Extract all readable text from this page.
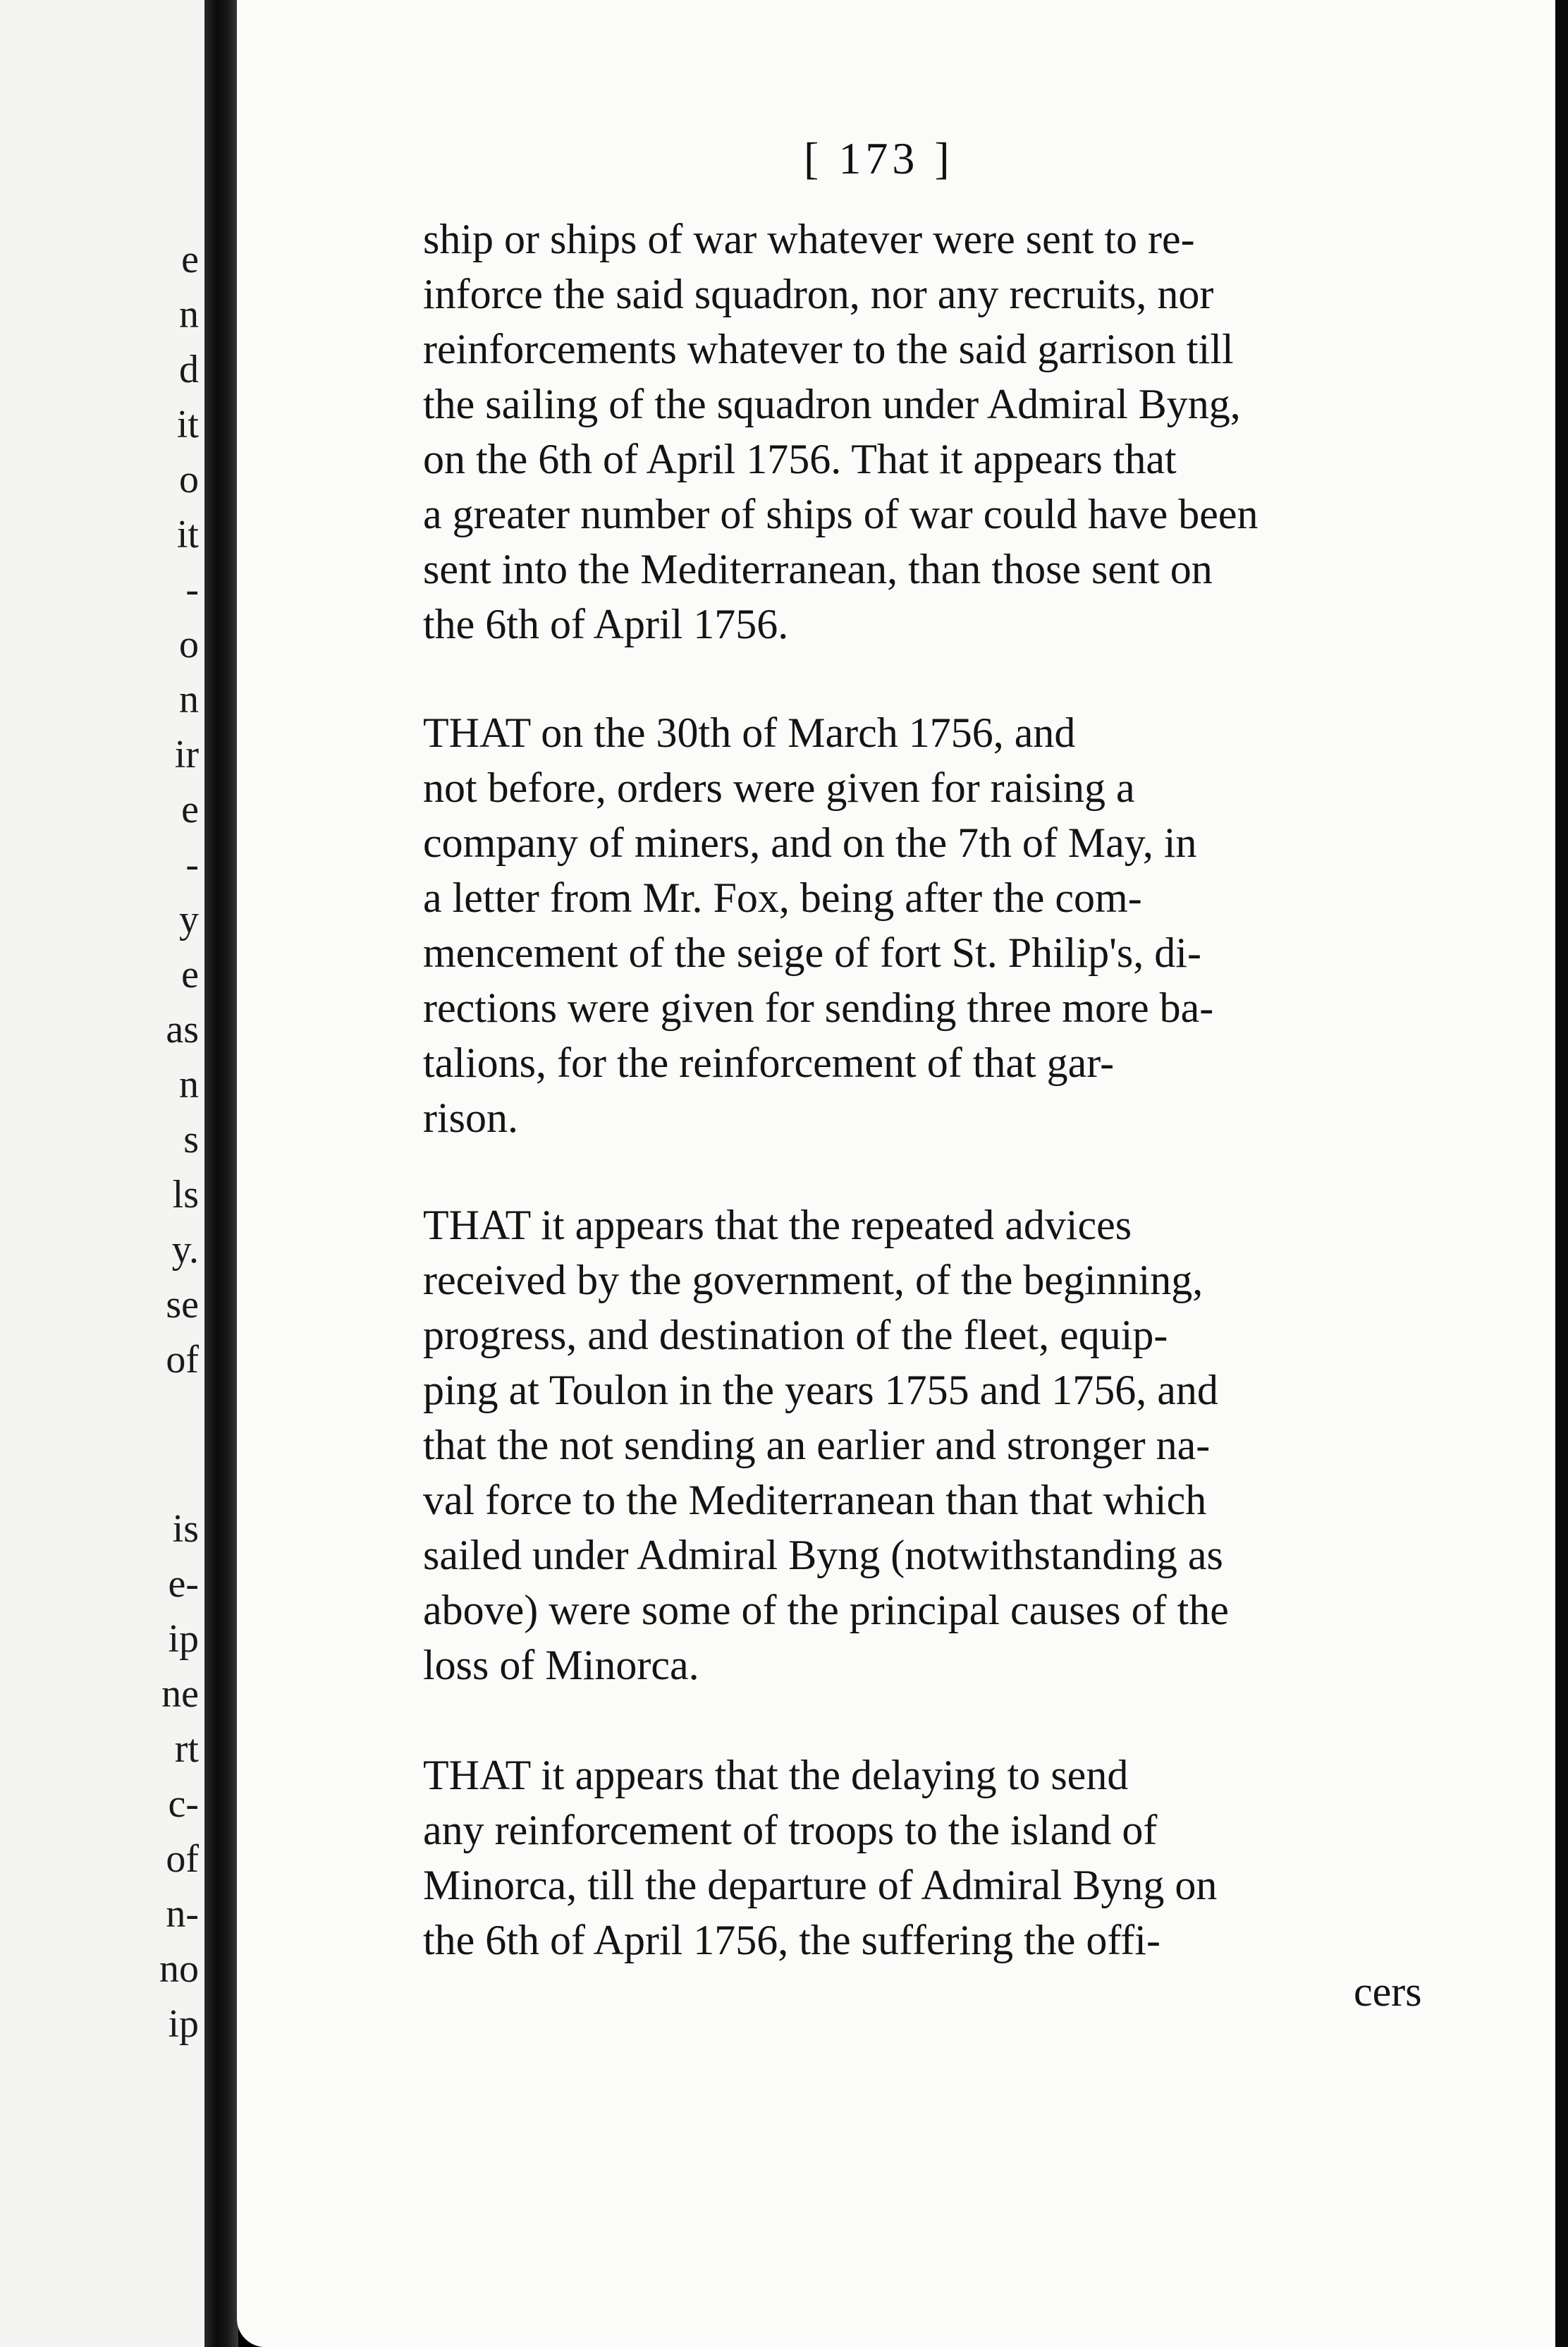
e
n
d
it
o
it
-
o
n
ir
e
-
y
e
as
n
s
ls
y.
se
of
is
e-
ip
ne
rt
c-
of
n-
no
ip
[ 173 ]

ship or ships of war whatever were sent to re-
inforce the said squadron, nor any recruits, nor
reinforcements whatever to the said garrison till
the sailing of the squadron under Admiral Byng,
on the 6th of April 1756. That it appears that
a greater number of ships of war could have been
sent into the Mediterranean, than those sent on
the 6th of April 1756.

THAT on the 30th of March 1756, and
not before, orders were given for raising a
company of miners, and on the 7th of May, in
a letter from Mr. Fox, being after the com-
mencement of the seige of fort St. Philip's, di-
rections were given for sending three more ba-
talions, for the reinforcement of that gar-
rison.

THAT it appears that the repeated advices
received by the government, of the beginning,
progress, and destination of the fleet, equip-
ping at Toulon in the years 1755 and 1756, and
that the not sending an earlier and stronger na-
val force to the Mediterranean than that which
sailed under Admiral Byng (notwithstanding as
above) were some of the principal causes of the
loss of Minorca.

THAT it appears that the delaying to send
any reinforcement of troops to the island of
Minorca, till the departure of Admiral Byng on
the 6th of April 1756, the suffering the offi-

cers
